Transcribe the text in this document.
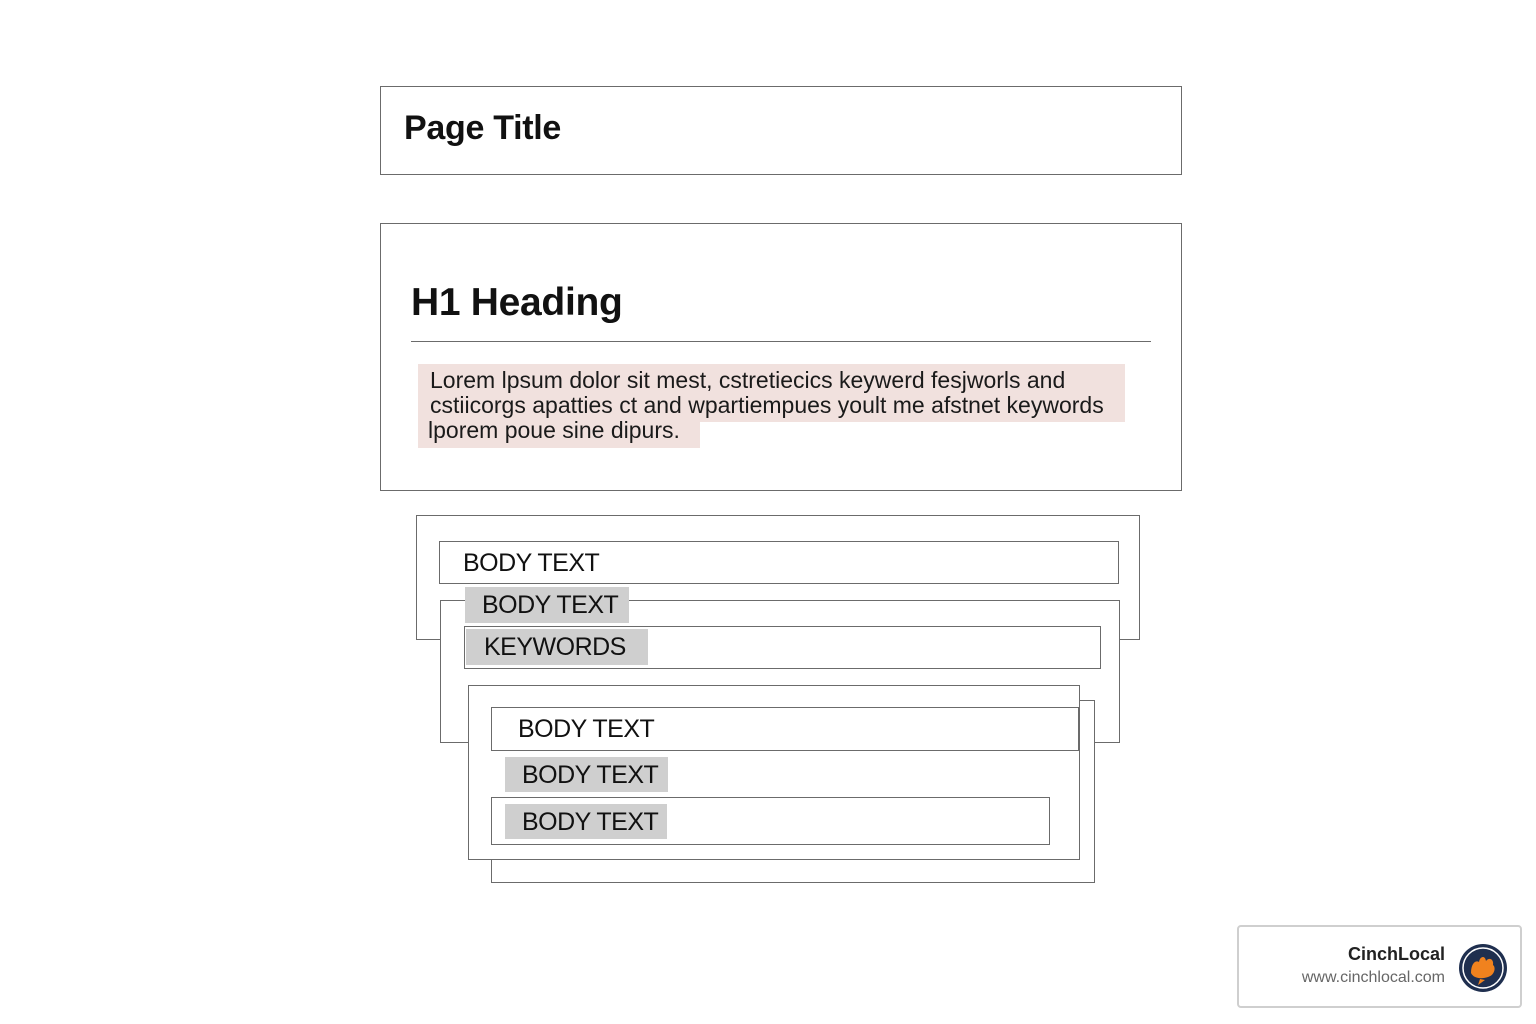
Page Title
H1 Heading
Lorem lpsum dolor sit mest, cstretiecics keywerd fesjworls and
cstiicorgs apatties ct and wpartiempues yoult me afstnet keywords
lporem poue sine dipurs.
BODY TEXT
BODY TEXT
KEYWORDS
BODY TEXT
BODY TEXT
BODY TEXT
CinchLocal
www.cinchlocal.com
